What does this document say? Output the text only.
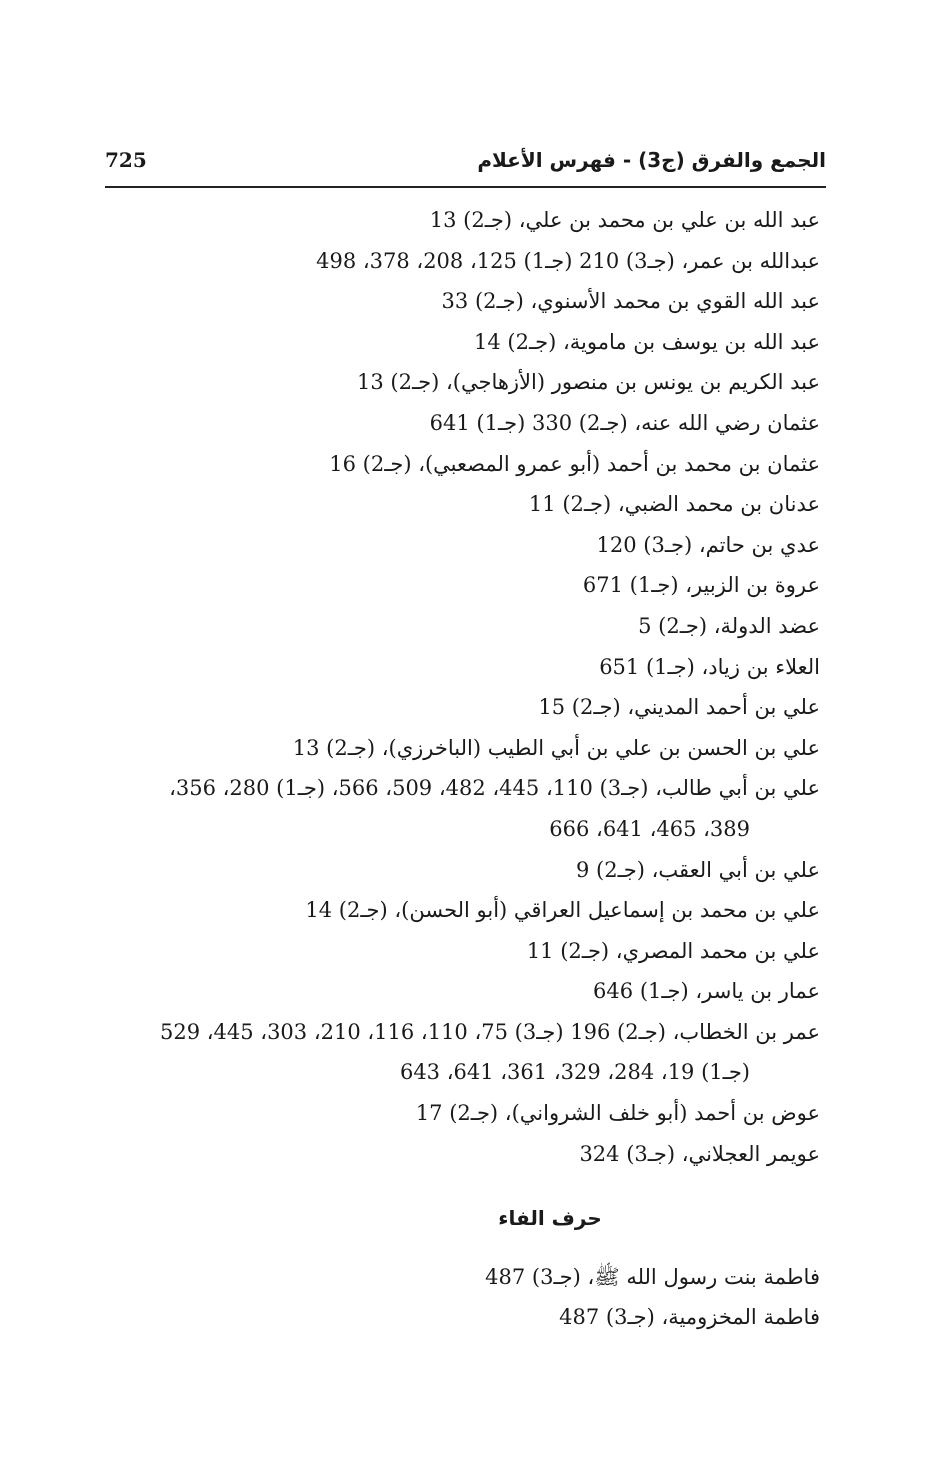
الجمع والفرق (ج3) - فهرس الأعلام
725
عبد الله بن علي بن محمد بن علي، (جـ2) 13
عبدالله بن عمر، (جـ3) 210 (جـ1) 125، 208، 378، 498
عبد الله القوي بن محمد الأسنوي، (جـ2) 33
عبد الله بن يوسف بن ماموية، (جـ2) 14
عبد الكريم بن يونس بن منصور (الأزهاجي)، (جـ2) 13
عثمان رضي الله عنه، (جـ2) 330 (جـ1) 641
عثمان بن محمد بن أحمد (أبو عمرو المصعبي)، (جـ2) 16
عدنان بن محمد الضبي، (جـ2) 11
عدي بن حاتم، (جـ3) 120
عروة بن الزبير، (جـ1) 671
عضد الدولة، (جـ2) 5
العلاء بن زياد، (جـ1) 651
علي بن أحمد المديني، (جـ2) 15
علي بن الحسن بن علي بن أبي الطيب (الباخرزي)، (جـ2) 13
علي بن أبي طالب، (جـ3) 110، 445، 482، 509، 566، (جـ1) 280، 356،
389، 465، 641، 666
علي بن أبي العقب، (جـ2) 9
علي بن محمد بن إسماعيل العراقي (أبو الحسن)، (جـ2) 14
علي بن محمد المصري، (جـ2) 11
عمار بن ياسر، (جـ1) 646
عمر بن الخطاب، (جـ2) 196 (جـ3) 75، 110، 116، 210، 303، 445، 529
(جـ1) 19، 284، 329، 361، 641، 643
عوض بن أحمد (أبو خلف الشرواني)، (جـ2) 17
عويمر العجلاني، (جـ3) 324
حرف الفاء
فاطمة بنت رسول الله ﷺ، (جـ3) 487
فاطمة المخزومية، (جـ3) 487
